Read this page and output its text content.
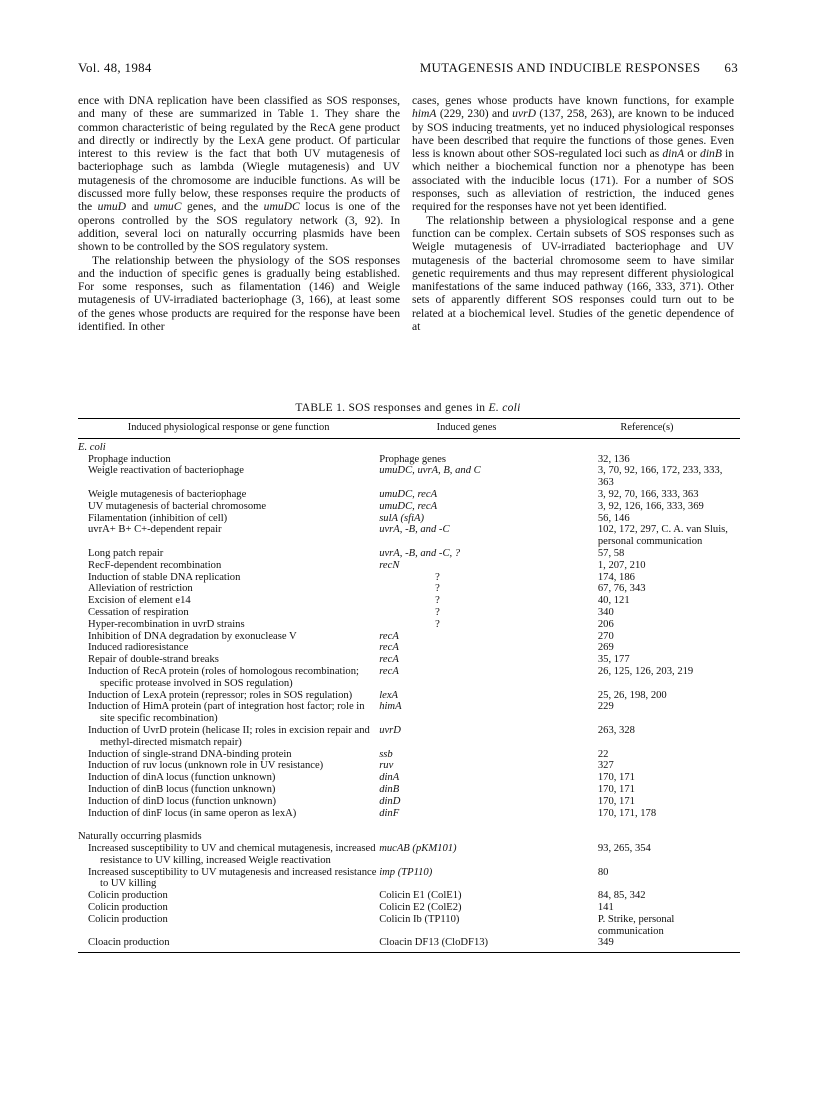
Vol. 48, 1984	MUTAGENESIS AND INDUCIBLE RESPONSES 63

ence with DNA replication have been classified as SOS responses, and many of these are summarized in Table 1. They share the common characteristic of being regulated by the RecA gene product and directly or indirectly by the LexA gene product. Of particular interest to this review is the fact that both UV mutagenesis of bacteriophage such as lambda (Wiegle mutagenesis) and UV mutagenesis of the chromosome are inducible functions. As will be discussed more fully below, these responses require the products of the umuD and umuC genes, and the umuDC locus is one of the operons controlled by the SOS regulatory network (3, 92). In addition, several loci on naturally occurring plasmids have been shown to be controlled by the SOS regulatory system.

The relationship between the physiology of the SOS responses and the induction of specific genes is gradually being established. For some responses, such as filamentation (146) and Weigle mutagenesis of UV-irradiated bacteriophage (3, 166), at least some of the genes whose products are required for the response have been identified. In other

cases, genes whose products have known functions, for example himA (229, 230) and uvrD (137, 258, 263), are known to be induced by SOS inducing treatments, yet no induced physiological responses have been described that require the functions of those genes. Even less is known about other SOS-regulated loci such as dinA or dinB in which neither a biochemical function nor a phenotype has been associated with the inducible locus (171). For a number of SOS responses, such as alleviation of restriction, the induced genes required for the responses have not yet been identified.

The relationship between a physiological response and a gene function can be complex. Certain subsets of SOS responses such as Weigle mutagenesis of UV-irradiated bacteriophage and UV mutagenesis of the bacterial chromosome seem to have similar genetic requirements and thus may represent different physiological manifestations of the same induced pathway (166, 333, 371). Other sets of apparently different SOS responses could turn out to be related at a biochemical level. Studies of the genetic dependence of at

TABLE 1. SOS responses and genes in E. coli
Induced physiological response or gene function	Induced genes	Reference(s)
E. coli		

Prophage induction	Prophage genes	32, 136

Weigle reactivation of bacteriophage	umuDC, uvrA, B, and C	3, 70, 92, 166, 172, 233, 333, 363

Weigle mutagenesis of bacteriophage	umuDC, recA	3, 92, 70, 166, 333, 363

UV mutagenesis of bacterial chromosome	umuDC, recA	3, 92, 126, 166, 333, 369

Filamentation (inhibition of cell)	sulA (sfiA)	56, 146

uvrA+ B+ C+-dependent repair	uvrA, -B, and -C	102, 172, 297, C. A. van Sluis, personal communication

Long patch repair	uvrA, -B, and -C, ?	57, 58

RecF-dependent recombination	recN	1, 207, 210

Induction of stable DNA replication	?	174, 186

Alleviation of restriction	?	67, 76, 343

Excision of element e14	?	40, 121

Cessation of respiration	?	340

Hyper-recombination in uvrD strains	?	206

Inhibition of DNA degradation by exonuclease V	recA	270

Induced radioresistance	recA	269

Repair of double-strand breaks	recA	35, 177

Induction of RecA protein (roles of homologous recombination; specific protease involved in SOS regulation)	recA	26, 125, 126, 203, 219

Induction of LexA protein (repressor; roles in SOS regulation)	lexA	25, 26, 198, 200

Induction of HimA protein (part of integration host factor; role in site specific recombination)	himA	229

Induction of UvrD protein (helicase II; roles in excision repair and methyl-directed mismatch repair)	uvrD	263, 328

Induction of single-strand DNA-binding protein	ssb	22

Induction of ruv locus (unknown role in UV resistance)	ruv	327

Induction of dinA locus (function unknown)	dinA	170, 171

Induction of dinB locus (function unknown)	dinB	170, 171

Induction of dinD locus (function unknown)	dinD	170, 171

Induction of dinF locus (in same operon as lexA)	dinF	170, 171, 178
Naturally occurring plasmids		

Increased susceptibility to UV and chemical mutagenesis, increased resistance to UV killing, increased Weigle reactivation	mucAB (pKM101)	93, 265, 354

Increased susceptibility to UV mutagenesis and increased resistance to UV killing	imp (TP110)	80

Colicin production	Colicin E1 (ColE1)	84, 85, 342

Colicin production	Colicin E2 (ColE2)	141

Colicin production	Colicin Ib (TP110)	P. Strike, personal communication

Cloacin production	Cloacin DF13 (CloDF13)	349
